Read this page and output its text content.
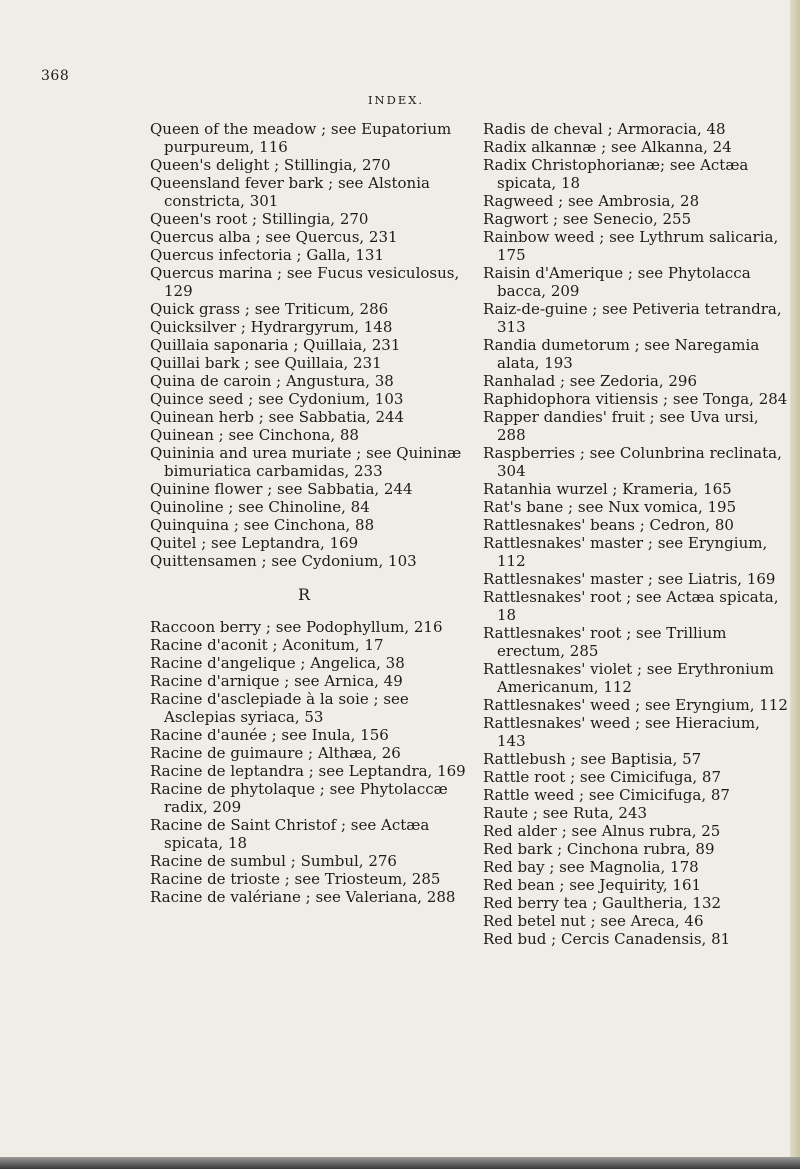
368
INDEX.
Queen of the meadow ; see Eupatorium purpureum, 116
Queen's delight ; Stillingia, 270
Queensland fever bark ; see Alstonia constricta, 301
Queen's root ; Stillingia, 270
Quercus alba ; see Quercus, 231
Quercus infectoria ; Galla, 131
Quercus marina ; see Fucus vesiculosus, 129
Quick grass ; see Triticum, 286
Quicksilver ; Hydrargyrum, 148
Quillaia saponaria ; Quillaia, 231
Quillai bark ; see Quillaia, 231
Quina de caroin ; Angustura, 38
Quince seed ; see Cydonium, 103
Quinean herb ; see Sabbatia, 244
Quinean ; see Cinchona, 88
Quininia and urea muriate ; see Quininæ bimuriatica carbamidas, 233
Quinine flower ; see Sabbatia, 244
Quinoline ; see Chinoline, 84
Quinquina ; see Cinchona, 88
Quitel ; see Leptandra, 169
Quittensamen ; see Cydonium, 103
R
Raccoon berry ; see Podophyllum, 216
Racine d'aconit ; Aconitum, 17
Racine d'angelique ; Angelica, 38
Racine d'arnique ; see Arnica, 49
Racine d'asclepiade à la soie ; see Asclepias syriaca, 53
Racine d'aunée ; see Inula, 156
Racine de guimaure ; Althæa, 26
Racine de leptandra ; see Leptandra, 169
Racine de phytolaque ; see Phytolaccæ radix, 209
Racine de Saint Christof ; see Actæa spicata, 18
Racine de sumbul ; Sumbul, 276
Racine de trioste ; see Triosteum, 285
Racine de valériane ; see Valeriana, 288
Radis de cheval ; Armoracia, 48
Radix alkannæ ; see Alkanna, 24
Radix Christophorianæ; see Actæa spicata, 18
Ragweed ; see Ambrosia, 28
Ragwort ; see Senecio, 255
Rainbow weed ; see Lythrum salicaria, 175
Raisin d'Amerique ; see Phytolacca bacca, 209
Raiz-de-guine ; see Petiveria tetrandra, 313
Randia dumetorum ; see Naregamia alata, 193
Ranhalad ; see Zedoria, 296
Raphidophora vitiensis ; see Tonga, 284
Rapper dandies' fruit ; see Uva ursi, 288
Raspberries ; see Colunbrina reclinata, 304
Ratanhia wurzel ; Krameria, 165
Rat's bane ; see Nux vomica, 195
Rattlesnakes' beans ; Cedron, 80
Rattlesnakes' master ; see Eryngium, 112
Rattlesnakes' master ; see Liatris, 169
Rattlesnakes' root ; see Actæa spicata, 18
Rattlesnakes' root ; see Trillium erectum, 285
Rattlesnakes' violet ; see Erythronium Americanum, 112
Rattlesnakes' weed ; see Eryngium, 112
Rattlesnakes' weed ; see Hieracium, 143
Rattlebush ; see Baptisia, 57
Rattle root ; see Cimicifuga, 87
Rattle weed ; see Cimicifuga, 87
Raute ; see Ruta, 243
Red alder ; see Alnus rubra, 25
Red bark ; Cinchona rubra, 89
Red bay ; see Magnolia, 178
Red bean ; see Jequirity, 161
Red berry tea ; Gaultheria, 132
Red betel nut ; see Areca, 46
Red bud ; Cercis Canadensis, 81
